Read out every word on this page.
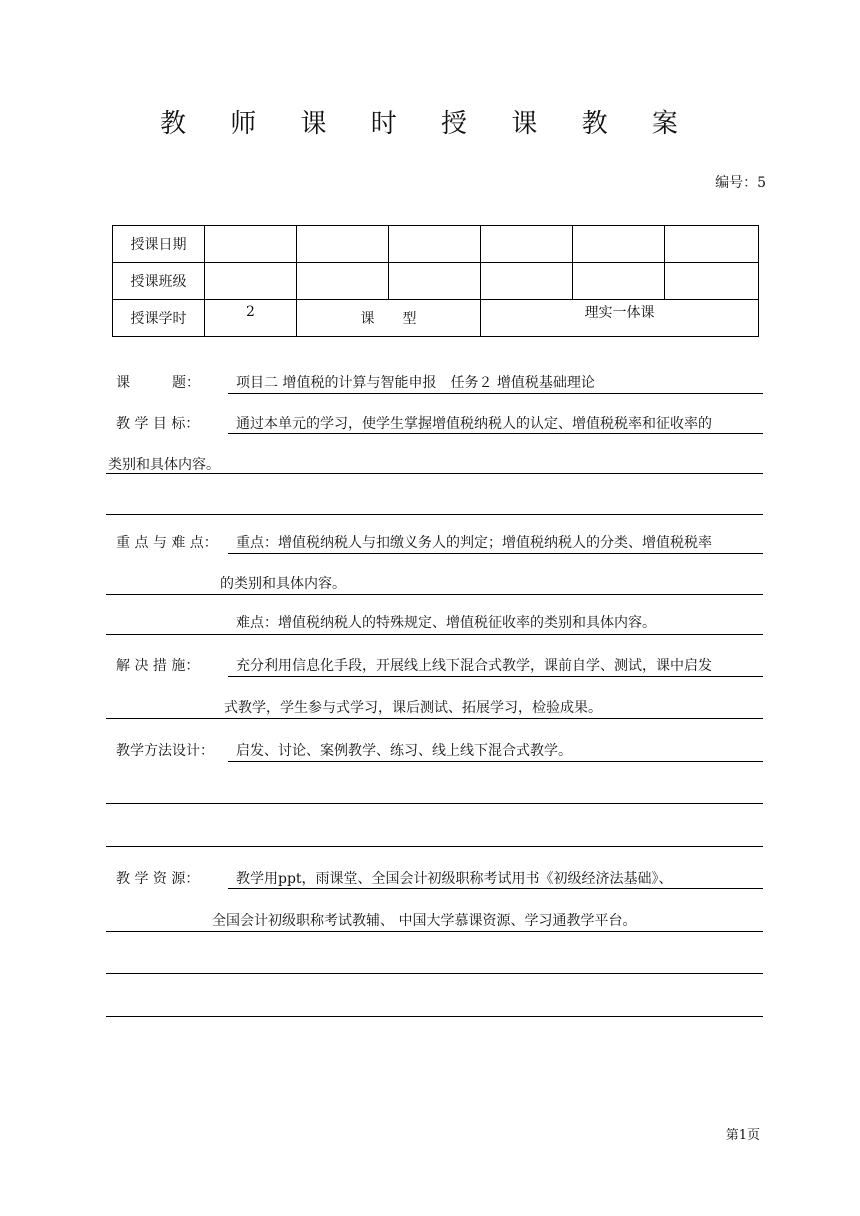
教 师 课 时 授 课 教 案
编号：5
授课日期						
授课班级						
授课学时	2	课　　型		理实一体课		
课　　　题：	项目二 增值税的计算与智能申报　任务２ 增值税基础理论
教 学 目 标：	通过本单元的学习，使学生掌握增值税纳税人的认定、增值税税率和征收率的
类别和具体内容。
重 点 与 难 点： 重点：增值税纳税人与扣缴义务人的判定；增值税纳税人的分类、增值税税率
的类别和具体内容。
难点：增值税纳税人的特殊规定、增值税征收率的类别和具体内容。
解 决 措 施：	充分利用信息化手段，开展线上线下混合式教学，课前自学、测试，课中启发
式教学，学生参与式学习，课后测试、拓展学习，检验成果。
教学方法设计： 启发、讨论、案例教学、练习、线上线下混合式教学。
教 学 资 源：	教学用ppt，雨课堂、全国会计初级职称考试用书《初级经济法基础》、
全国会计初级职称考试教辅、 中国大学慕课资源、学习通教学平台。
第1页
